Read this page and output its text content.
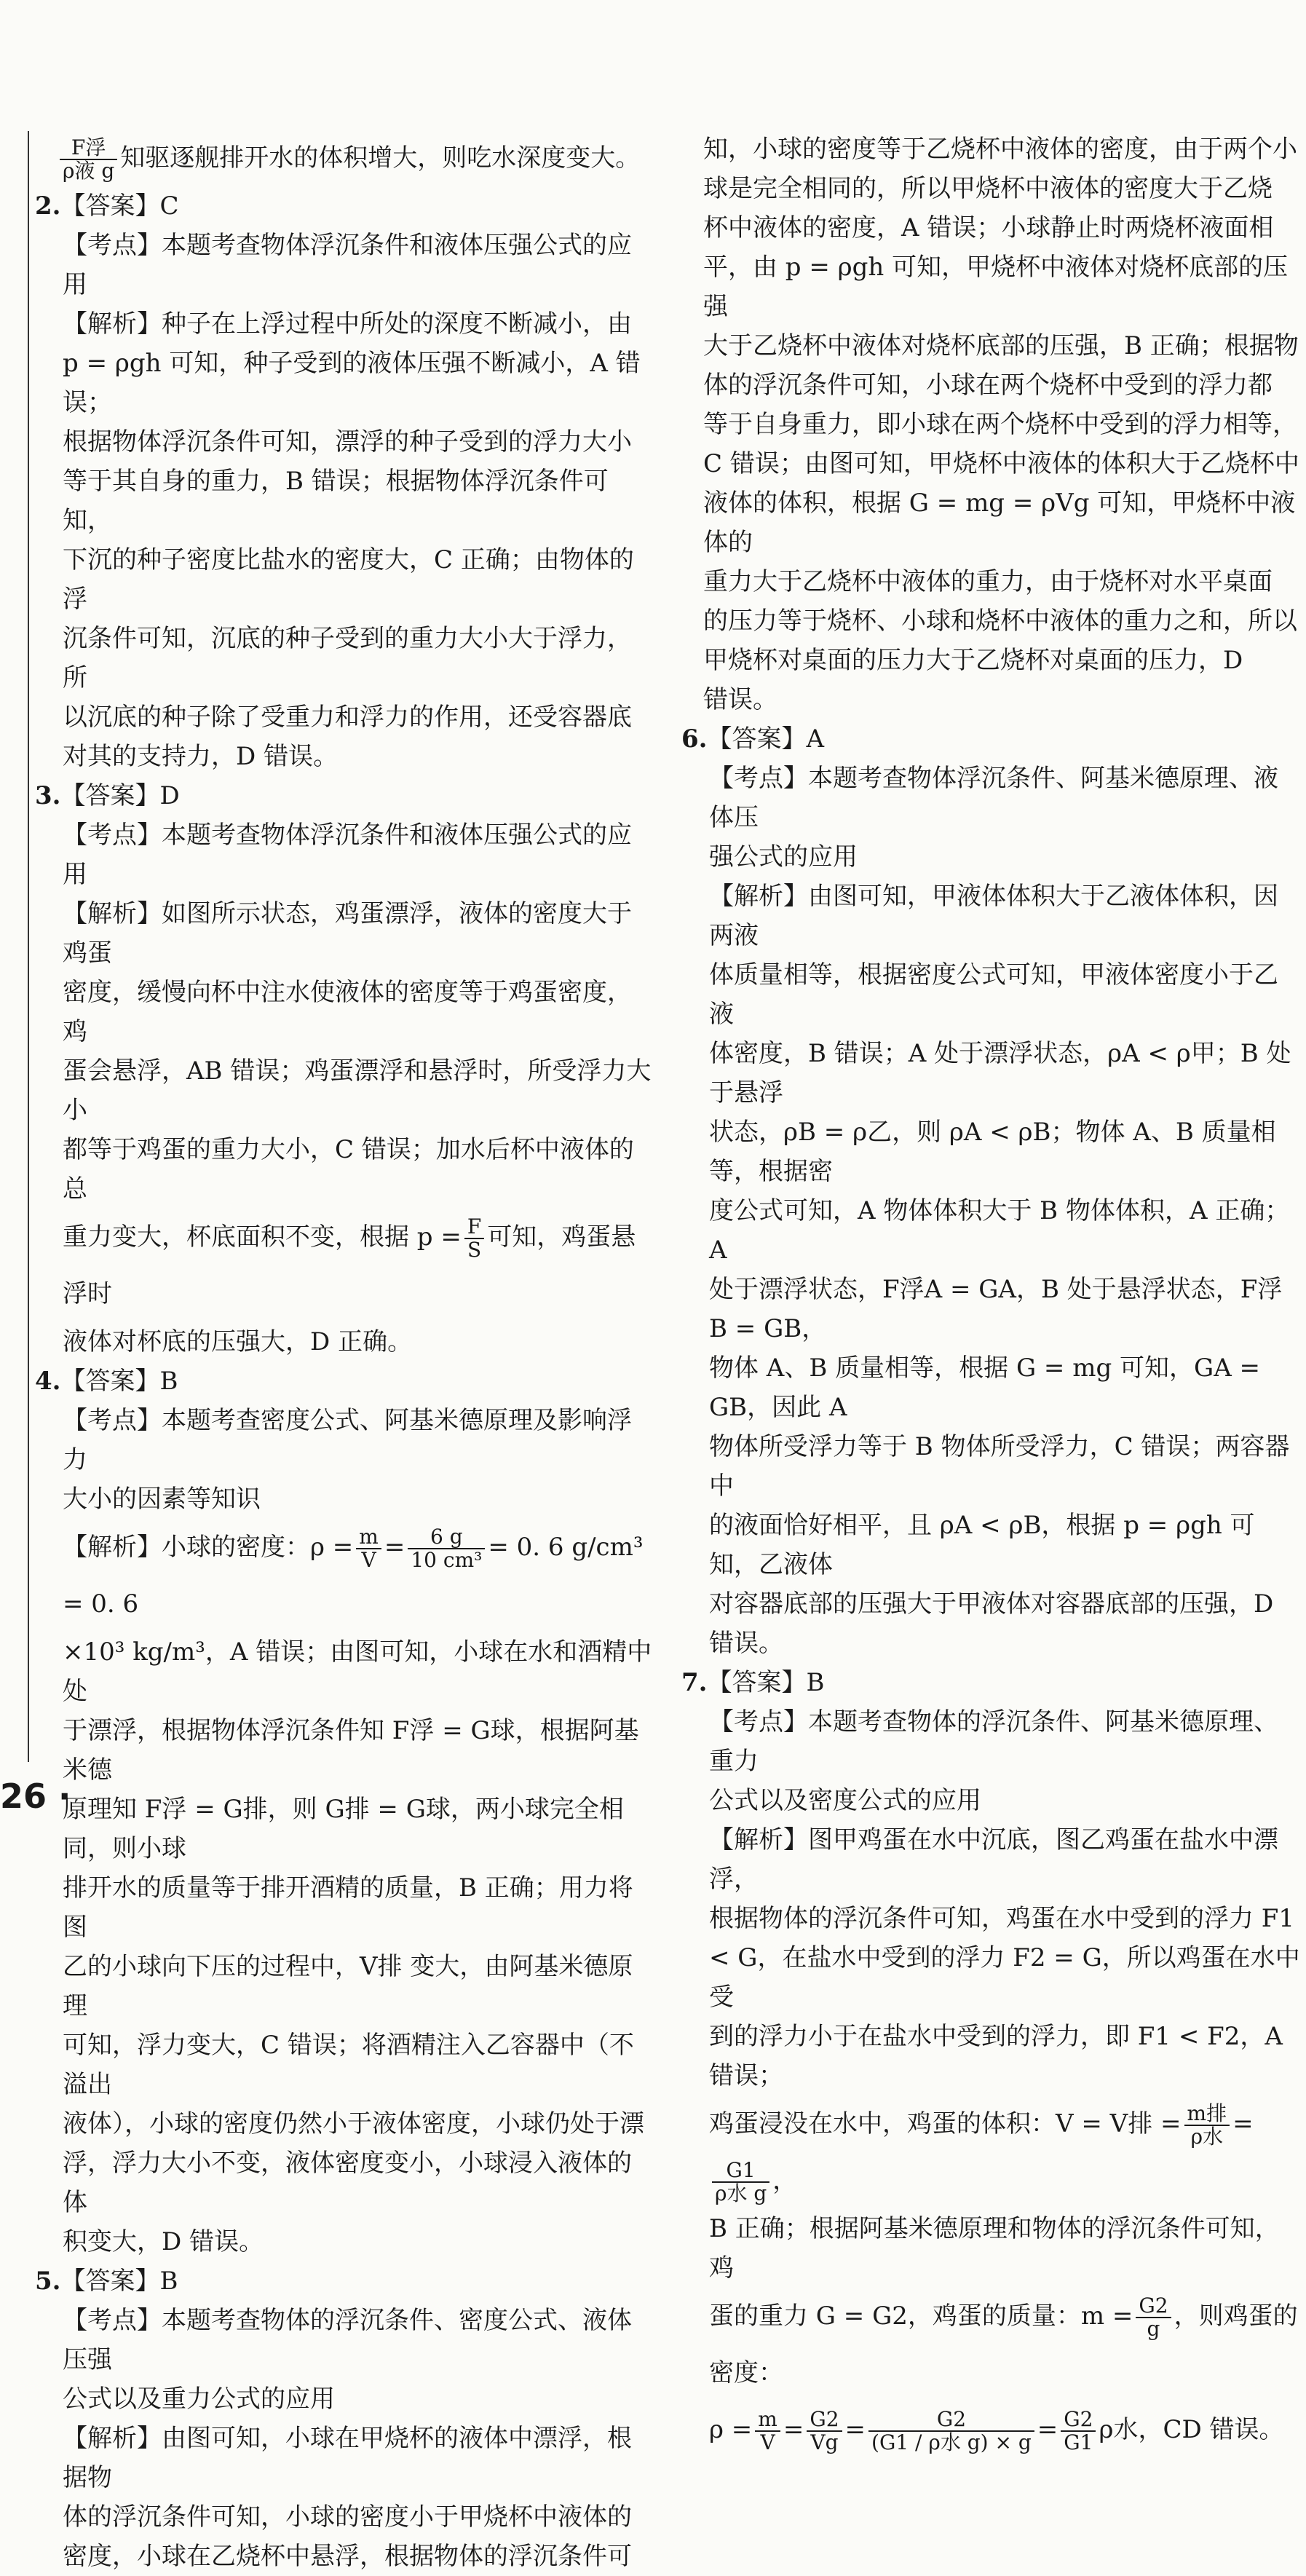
$\frac{\text{F浮}}{\text{ρ液 g}}$ 知驱逐舰排开水的体积增大，则吃水深度变大。

2.【答案】C

【考点】本题考查物体浮沉条件和液体压强公式的应用

【解析】种子在上浮过程中所处的深度不断减小，由

p = ρgh 可知，种子受到的液体压强不断减小，A 错误；

根据物体浮沉条件可知，漂浮的种子受到的浮力大小

等于其自身的重力，B 错误；根据物体浮沉条件可知，

下沉的种子密度比盐水的密度大，C 正确；由物体的浮

沉条件可知，沉底的种子受到的重力大小大于浮力，所

以沉底的种子除了受重力和浮力的作用，还受容器底

对其的支持力，D 错误。

3.【答案】D

【考点】本题考查物体浮沉条件和液体压强公式的应用

【解析】如图所示状态，鸡蛋漂浮，液体的密度大于鸡蛋

密度，缓慢向杯中注水使液体的密度等于鸡蛋密度，鸡

蛋会悬浮，AB 错误；鸡蛋漂浮和悬浮时，所受浮力大小

都等于鸡蛋的重力大小，C 错误；加水后杯中液体的总

重力变大，杯底面积不变，根据 $p = \frac{F}{S}$ 可知，鸡蛋悬浮时

液体对杯底的压强大，D 正确。

4.【答案】B

【考点】本题考查密度公式、阿基米德原理及影响浮力

大小的因素等知识

【解析】小球的密度：$\rho = \frac{m}{V} = \frac{6 g}{\text{10 cm³}} = 0$. 6 g/cm³ = 0. 6

×10³ kg/m³，A 错误；由图可知，小球在水和酒精中处

于漂浮，根据物体浮沉条件知 F浮 = G球，根据阿基米德

原理知 F浮 = G排，则 G排 = G球，两小球完全相同，则小球

排开水的质量等于排开酒精的质量，B 正确；用力将图

乙的小球向下压的过程中，V排 变大，由阿基米德原理

可知，浮力变大，C 错误；将酒精注入乙容器中（不溢出

液体），小球的密度仍然小于液体密度，小球仍处于漂

浮，浮力大小不变，液体密度变小，小球浸入液体的体

积变大，D 错误。

5.【答案】B

【考点】本题考查物体的浮沉条件、密度公式、液体压强

公式以及重力公式的应用

【解析】由图可知，小球在甲烧杯的液体中漂浮，根据物

体的浮沉条件可知，小球的密度小于甲烧杯中液体的

密度，小球在乙烧杯中悬浮，根据物体的浮沉条件可

知，小球的密度等于乙烧杯中液体的密度，由于两个小

球是完全相同的，所以甲烧杯中液体的密度大于乙烧

杯中液体的密度，A 错误；小球静止时两烧杯液面相

平，由 p = ρgh 可知，甲烧杯中液体对烧杯底部的压强

大于乙烧杯中液体对烧杯底部的压强，B 正确；根据物

体的浮沉条件可知，小球在两个烧杯中受到的浮力都

等于自身重力，即小球在两个烧杯中受到的浮力相等，

C 错误；由图可知，甲烧杯中液体的体积大于乙烧杯中

液体的体积，根据 G = mg = ρVg 可知，甲烧杯中液体的

重力大于乙烧杯中液体的重力，由于烧杯对水平桌面

的压力等于烧杯、小球和烧杯中液体的重力之和，所以

甲烧杯对桌面的压力大于乙烧杯对桌面的压力，D

错误。

6.【答案】A

【考点】本题考查物体浮沉条件、阿基米德原理、液体压

强公式的应用

【解析】由图可知，甲液体体积大于乙液体体积，因两液

体质量相等，根据密度公式可知，甲液体密度小于乙液

体密度，B 错误；A 处于漂浮状态，ρA < ρ甲；B 处于悬浮

状态，ρB = ρ乙，则 ρA < ρB；物体 A、B 质量相等，根据密

度公式可知，A 物体体积大于 B 物体体积，A 正确；A

处于漂浮状态，F浮A = GA，B 处于悬浮状态，F浮B = GB，

物体 A、B 质量相等，根据 G = mg 可知，GA = GB，因此 A

物体所受浮力等于 B 物体所受浮力，C 错误；两容器中

的液面恰好相平，且 ρA < ρB，根据 p = ρgh 可知，乙液体

对容器底部的压强大于甲液体对容器底部的压强，D

错误。

7.【答案】B

【考点】本题考查物体的浮沉条件、阿基米德原理、重力

公式以及密度公式的应用

【解析】图甲鸡蛋在水中沉底，图乙鸡蛋在盐水中漂浮，

根据物体的浮沉条件可知，鸡蛋在水中受到的浮力 F1

< G，在盐水中受到的浮力 F2 = G，所以鸡蛋在水中受

到的浮力小于在盐水中受到的浮力，即 F1 < F2，A 错误；

鸡蛋浸没在水中，鸡蛋的体积：V = V排 = $\frac{\text{m排}}{\text{ρ水}}$ =
$\frac{G1}{\text{ρ水 g}}$ ，

B 正确；根据阿基米德原理和物体的浮沉条件可知，鸡

蛋的重力 G = G2，鸡蛋的质量：$m = \frac{G2}{g}$ ，则鸡蛋的密度：

$\rho = \frac{m}{V} = \frac{G2}{Vg} = \frac{G2}{\text{(G1 / ρ水 g) × g}} = \frac{G2}{G1}$ ρ水，CD 错误。

26 ·
